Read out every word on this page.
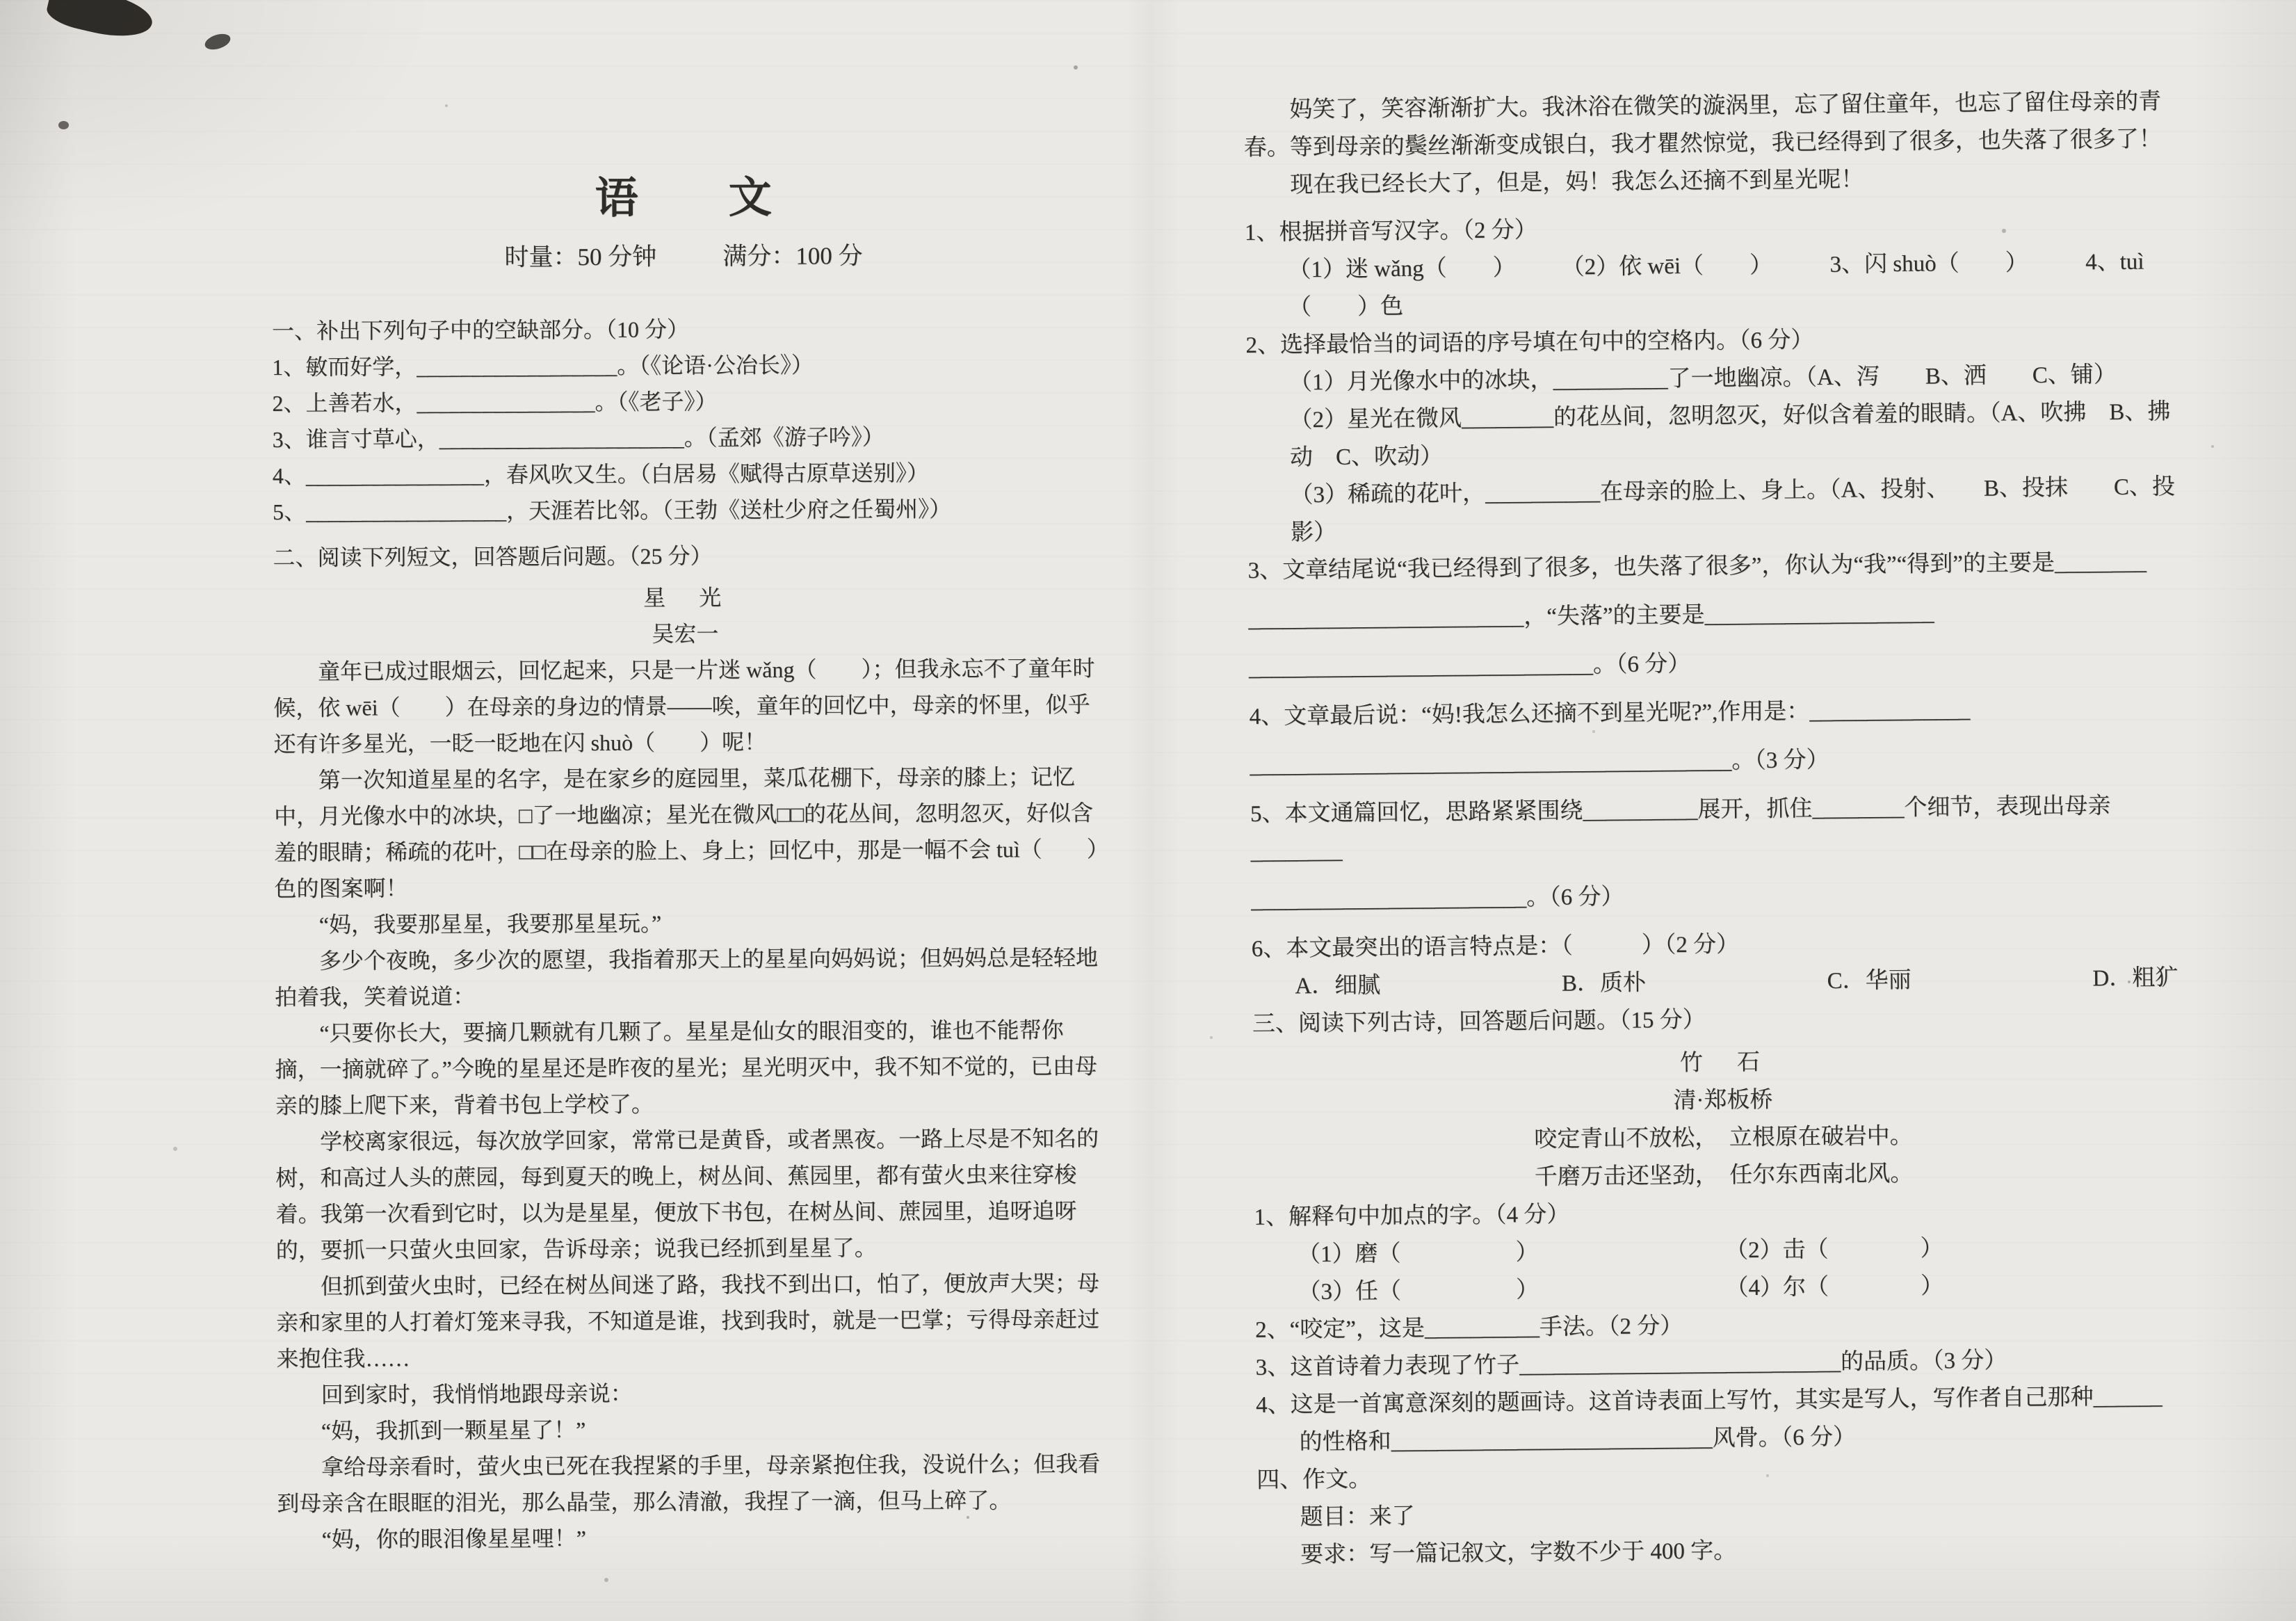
语　文
时量：50 分钟	满分：100 分
一、补出下列句子中的空缺部分。（10 分）
1、敏而好学，__________________。（《论语·公冶长》）
2、上善若水，________________。（《老子》）
3、谁言寸草心，______________________。（孟郊《游子吟》）
4、________________，春风吹又生。（白居易《赋得古原草送别》）
5、__________________，天涯若比邻。（王勃《送杜少府之任蜀州》）
二、阅读下列短文，回答题后问题。（25 分）
星　光
吴宏一

童年已成过眼烟云，回忆起来，只是一片迷 wǎng（　　）；但我永忘不了童年时候，依 wēi（　　）在母亲的身边的情景——唉，童年的回忆中，母亲的怀里，似乎还有许多星光，一眨一眨地在闪 shuò（　　）呢！

第一次知道星星的名字，是在家乡的庭园里，菜瓜花棚下，母亲的膝上；记忆中，月光像水中的冰块，□了一地幽凉；星光在微风□□的花丛间，忽明忽灭，好似含羞的眼睛；稀疏的花叶，□□在母亲的脸上、身上；回忆中，那是一幅不会 tuì（　　）色的图案啊！

“妈，我要那星星，我要那星星玩。”

多少个夜晚，多少次的愿望，我指着那天上的星星向妈妈说；但妈妈总是轻轻地拍着我，笑着说道：

“只要你长大，要摘几颗就有几颗了。星星是仙女的眼泪变的，谁也不能帮你摘，一摘就碎了。”今晚的星星还是昨夜的星光；星光明灭中，我不知不觉的，已由母亲的膝上爬下来，背着书包上学校了。

学校离家很远，每次放学回家，常常已是黄昏，或者黑夜。一路上尽是不知名的树，和高过人头的蔗园，每到夏天的晚上，树丛间、蕉园里，都有萤火虫来往穿梭着。我第一次看到它时，以为是星星，便放下书包，在树丛间、蔗园里，追呀追呀的，要抓一只萤火虫回家，告诉母亲；说我已经抓到星星了。

但抓到萤火虫时，已经在树丛间迷了路，我找不到出口，怕了，便放声大哭；母亲和家里的人打着灯笼来寻我，不知道是谁，找到我时，就是一巴掌；亏得母亲赶过来抱住我……

回到家时，我悄悄地跟母亲说：

“妈，我抓到一颗星星了！”

拿给母亲看时，萤火虫已死在我捏紧的手里，母亲紧抱住我，没说什么；但我看到母亲含在眼眶的泪光，那么晶莹，那么清澈，我捏了一滴，但马上碎了。

“妈，你的眼泪像星星哩！”

妈笑了，笑容渐渐扩大。我沐浴在微笑的漩涡里，忘了留住童年，也忘了留住母亲的青春。等到母亲的鬓丝渐渐变成银白，我才瞿然惊觉，我已经得到了很多，也失落了很多了！

现在我已经长大了，但是，妈！我怎么还摘不到星光呢！

1、根据拼音写汉字。（2 分）
（1）迷 wǎng（　　）　　　（2）依 wēi（　　）　　　3、闪 shuò（　　）　　　4、tuì（　　）色
2、选择最恰当的词语的序号填在句中的空格内。（6 分）
（1）月光像水中的冰块，__________了一地幽凉。（A、泻　　B、洒　　C、铺）
（2）星光在微风________的花丛间，忽明忽灭，好似含着羞的眼睛。（A、吹拂　B、拂动　C、吹动）
（3）稀疏的花叶，__________在母亲的脸上、身上。（A、投射、　　B、投抹　　C、投影）
3、文章结尾说“我已经得到了很多，也失落了很多”，你认为“我”“得到”的主要是________
________________________，“失落”的主要是____________________
______________________________。（6 分）
4、文章最后说：“妈!我怎么还摘不到星光呢?”,作用是：______________
__________________________________________。（3 分）
5、本文通篇回忆，思路紧紧围绕__________展开，抓住________个细节，表现出母亲________
________________________。（6 分）
6、本文最突出的语言特点是：（　　　）（2 分）
A．细腻	B．质朴	C．华丽	D．粗犷
三、阅读下列古诗，回答题后问题。（15 分）
竹　石
清·郑板桥
咬定青山不放松，　立根原在破岩中。
千磨万击还坚劲，　任尔东西南北风。
1、解释句中加点的字。（4 分）
（1）磨（　　　　　）	（2）击（　　　　）
（3）任（　　　　　）	（4）尔（　　　　）
2、“咬定”，这是__________手法。（2 分）
3、这首诗着力表现了竹子____________________________的品质。（3 分）
4、这是一首寓意深刻的题画诗。这首诗表面上写竹，其实是写人，写作者自己那种______
的性格和____________________________风骨。（6 分）
四、作文。
题目：来了
要求：写一篇记叙文，字数不少于 400 字。
